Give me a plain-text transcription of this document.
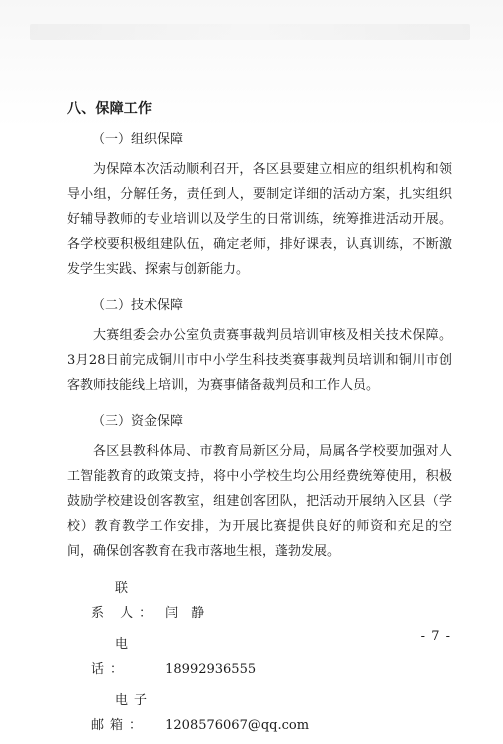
八、保障工作
（一）组织保障

为保障本次活动顺利召开，各区县要建立相应的组织机构和领导小组，分解任务，责任到人，要制定详细的活动方案，扎实组织好辅导教师的专业培训以及学生的日常训练，统筹推进活动开展。各学校要积极组建队伍，确定老师，排好课表，认真训练，不断激发学生实践、探索与创新能力。

（二）技术保障

大赛组委会办公室负责赛事裁判员培训审核及相关技术保障。3月28日前完成铜川市中小学生科技类赛事裁判员培训和铜川市创客教师技能线上培训，为赛事储备裁判员和工作人员。

（三）资金保障

各区县教科体局、市教育局新区分局，局属各学校要加强对人工智能教育的政策支持，将中小学校生均公用经费统筹使用，积极鼓励学校建设创客教室，组建创客团队，把活动开展纳入区县（学校）教育教学工作安排，为开展比赛提供良好的师资和充足的空间，确保创客教育在我市落地生根，蓬勃发展。

联 系 人： 闫　静
电　　话：	18992936555
电子邮箱： 1208576067@qq.com
- 7 -
